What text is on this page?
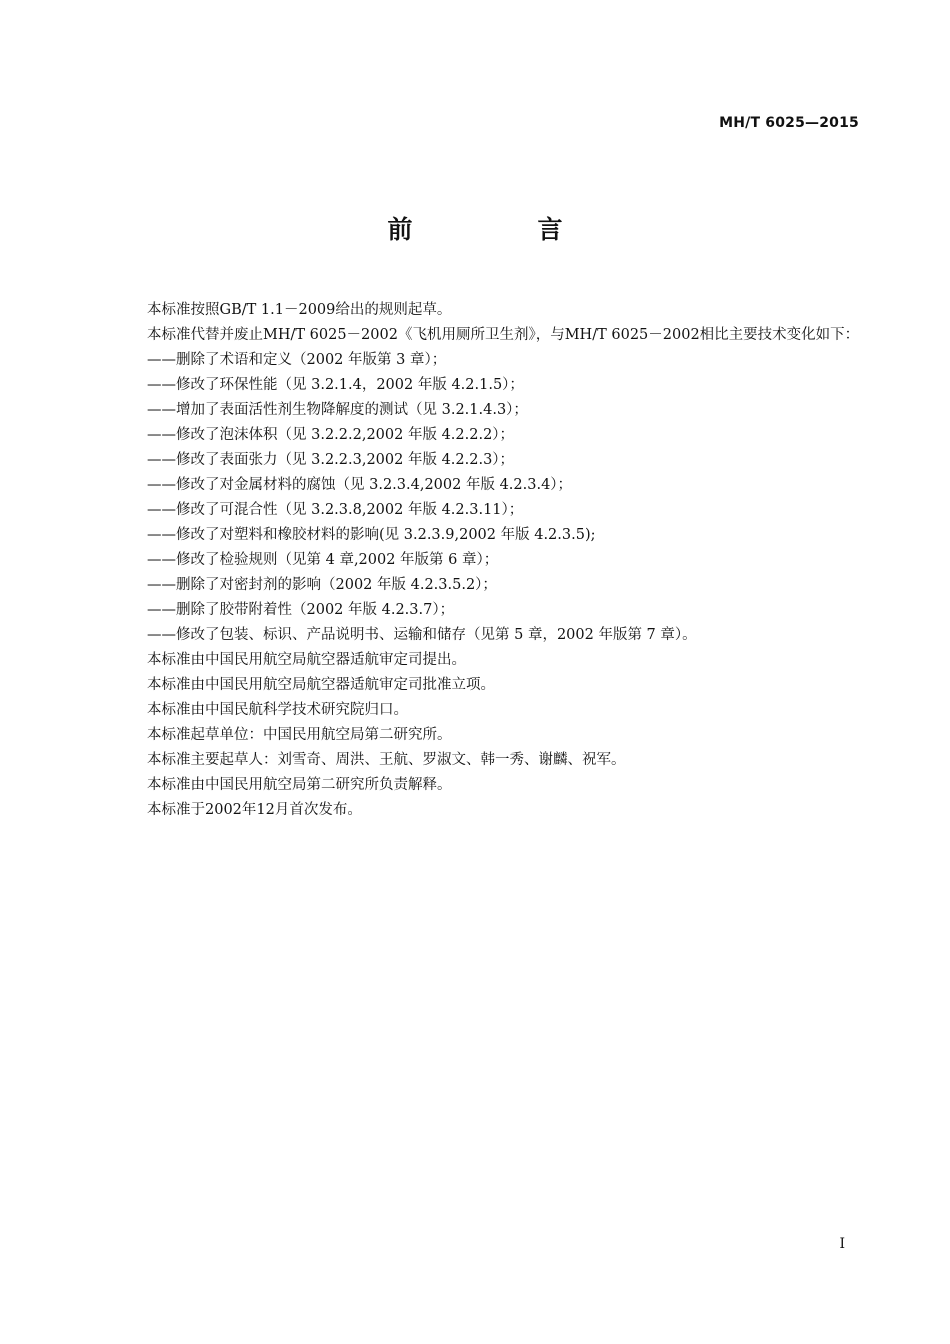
MH/T 6025—2015
前　言

本标准按照GB/T 1.1－2009给出的规则起草。

本标准代替并废止MH/T 6025－2002《飞机用厕所卫生剂》，与MH/T 6025－2002相比主要技术变化如下：

——删除了术语和定义（2002 年版第 3 章）；

——修改了环保性能（见 3.2.1.4，2002 年版 4.2.1.5）；

——增加了表面活性剂生物降解度的测试（见 3.2.1.4.3）；

——修改了泡沫体积（见 3.2.2.2,2002 年版 4.2.2.2）；

——修改了表面张力（见 3.2.2.3,2002 年版 4.2.2.3）；

——修改了对金属材料的腐蚀（见 3.2.3.4,2002 年版 4.2.3.4）；

——修改了可混合性（见 3.2.3.8,2002 年版 4.2.3.11）；

——修改了对塑料和橡胶材料的影响(见 3.2.3.9,2002 年版 4.2.3.5);

——修改了检验规则（见第 4 章,2002 年版第 6 章）；

——删除了对密封剂的影响（2002 年版 4.2.3.5.2）；

——删除了胶带附着性（2002 年版 4.2.3.7）；

——修改了包装、标识、产品说明书、运输和储存（见第 5 章，2002 年版第 7 章）。

本标准由中国民用航空局航空器适航审定司提出。

本标准由中国民用航空局航空器适航审定司批准立项。

本标准由中国民航科学技术研究院归口。

本标准起草单位：中国民用航空局第二研究所。

本标准主要起草人：刘雪奇、周洪、王航、罗淑文、韩一秀、谢麟、祝军。

本标准由中国民用航空局第二研究所负责解释。

本标准于2002年12月首次发布。

I
